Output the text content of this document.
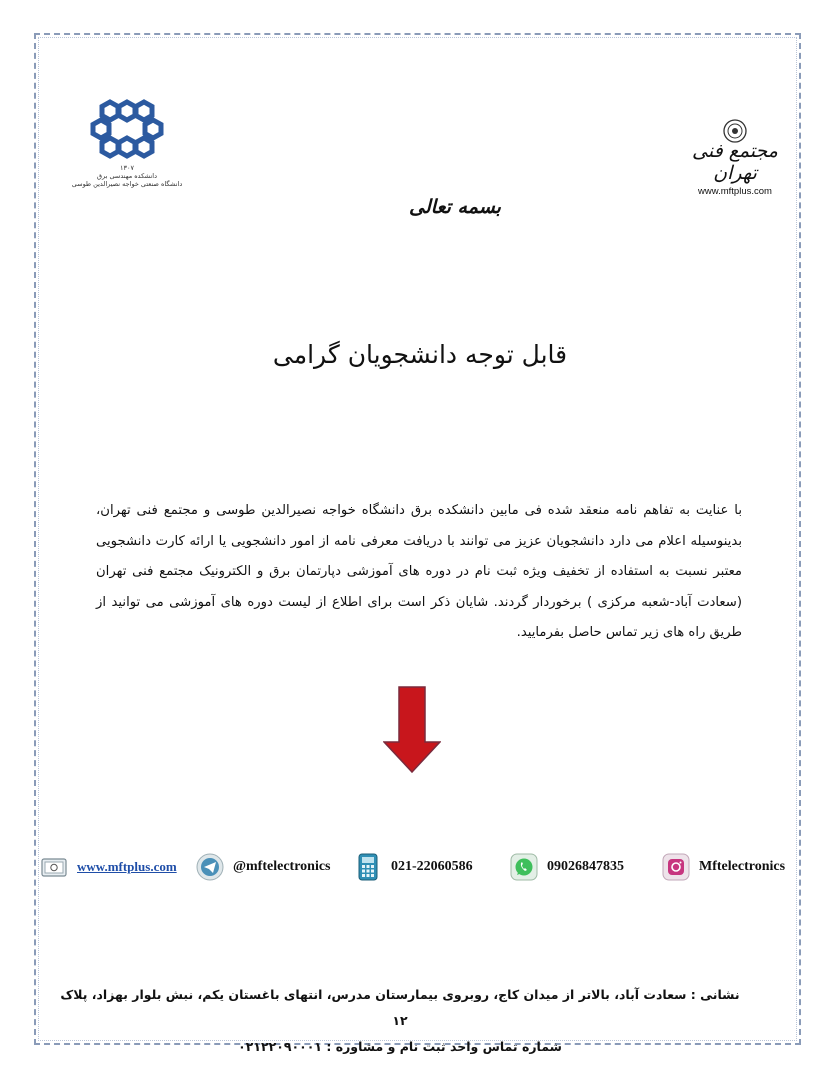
۱۳۰۷
دانشکده مهندسی برق
دانشگاه صنعتی خواجه نصیرالدین طوسی
مجتمع فنی تهران
www.mftplus.com
بسمه تعالی
قابل توجه دانشجویان گرامی
با عنایت به تفاهم نامه منعقد شده فی مابین دانشکده برق دانشگاه خواجه نصیرالدین طوسی و مجتمع فنی تهران، بدینوسیله اعلام می دارد دانشجویان عزیز می توانند با دریافت معرفی نامه از امور دانشجویی یا ارائه کارت دانشجویی معتبر نسبت به استفاده از تخفیف ویژه ثبت نام در دوره های آموزشی دپارتمان برق و الکترونیک مجتمع فنی تهران (سعادت آباد-شعبه مرکزی ) برخوردار گردند. شایان ذکر است برای اطلاع از لیست دوره های آموزشی می توانید از طریق راه های زیر تماس حاصل بفرمایید.
www.mftplus.com	@mftelectronics	021-22060586	09026847835	Mftelectronics
نشانی : سعادت آباد، بالاتر از میدان کاج، روبروی بیمارستان مدرس، انتهای باغستان یکم، نبش بلوار بهزاد، پلاک ۱۲
شماره تماس واحد ثبت نام و مشاوره : ۰۲۱۲۲۰۹۰۰۰۱
